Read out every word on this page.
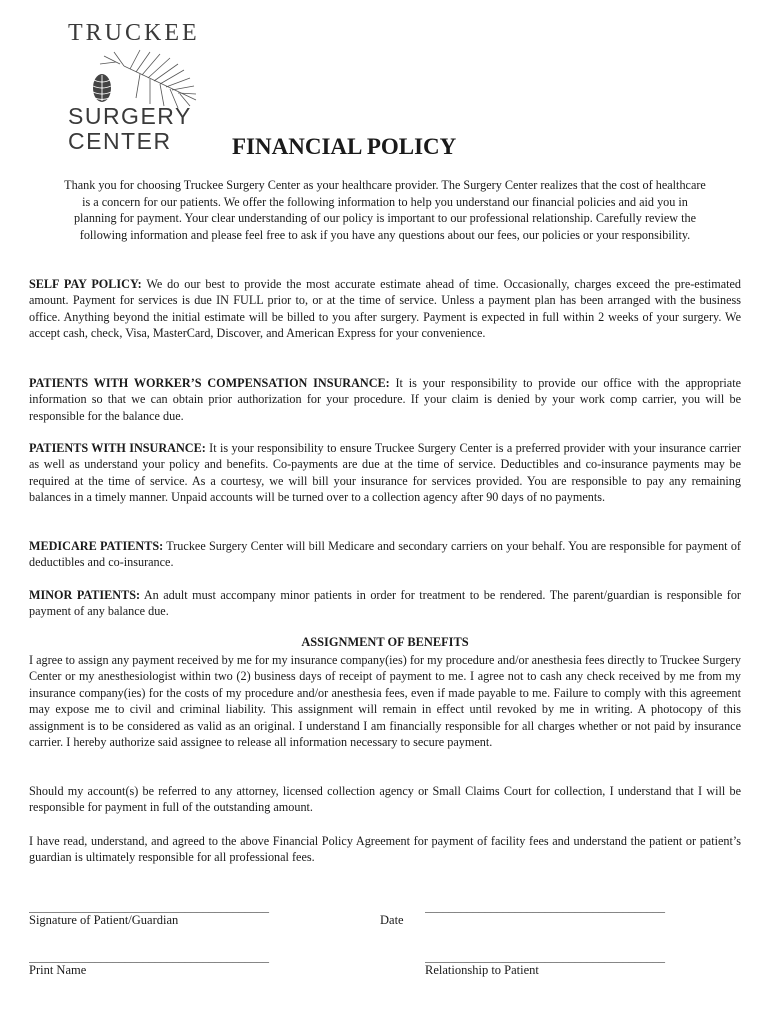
TRUCKEE
SURGERY
CENTER	FINANCIAL POLICY

Thank you for choosing Truckee Surgery Center as your healthcare provider. The Surgery Center realizes that the cost of healthcare is a concern for our patients. We offer the following information to help you understand our financial policies and aid you in planning for payment. Your clear understanding of our policy is important to our professional relationship. Carefully review the following information and please feel free to ask if you have any questions about our fees, our policies or your responsibility.

SELF PAY POLICY: We do our best to provide the most accurate estimate ahead of time. Occasionally, charges exceed the pre-estimated amount. Payment for services is due IN FULL prior to, or at the time of service. Unless a payment plan has been arranged with the business office. Anything beyond the initial estimate will be billed to you after surgery. Payment is expected in full within 2 weeks of your surgery. We accept cash, check, Visa, MasterCard, Discover, and American Express for your convenience.

PATIENTS WITH WORKER’S COMPENSATION INSURANCE: It is your responsibility to provide our office with the appropriate information so that we can obtain prior authorization for your procedure. If your claim is denied by your work comp carrier, you will be responsible for the balance due.

PATIENTS WITH INSURANCE: It is your responsibility to ensure Truckee Surgery Center is a preferred provider with your insurance carrier as well as understand your policy and benefits. Co-payments are due at the time of service. Deductibles and co-insurance payments may be required at the time of service. As a courtesy, we will bill your insurance for services provided. You are responsible to pay any remaining balances in a timely manner. Unpaid accounts will be turned over to a collection agency after 90 days of no payments.

MEDICARE PATIENTS: Truckee Surgery Center will bill Medicare and secondary carriers on your behalf. You are responsible for payment of deductibles and co-insurance.

MINOR PATIENTS: An adult must accompany minor patients in order for treatment to be rendered. The parent/guardian is responsible for payment of any balance due.

ASSIGNMENT OF BENEFITS

I agree to assign any payment received by me for my insurance company(ies) for my procedure and/or anesthesia fees directly to Truckee Surgery Center or my anesthesiologist within two (2) business days of receipt of payment to me. I agree not to cash any check received by me from my insurance company(ies) for the costs of my procedure and/or anesthesia fees, even if made payable to me. Failure to comply with this agreement may expose me to civil and criminal liability. This assignment will remain in effect until revoked by me in writing. A photocopy of this assignment is to be considered as valid as an original. I understand I am financially responsible for all charges whether or not paid by insurance carrier. I hereby authorize said assignee to release all information necessary to secure payment.

Should my account(s) be referred to any attorney, licensed collection agency or Small Claims Court for collection, I understand that I will be responsible for payment in full of the outstanding amount.

I have read, understand, and agreed to the above Financial Policy Agreement for payment of facility fees and understand the patient or patient’s guardian is ultimately responsible for all professional fees.

________________________________________
Signature of Patient/Guardian
________________________________________
Date
________________________________________
Print Name
________________________________________
Relationship to Patient
